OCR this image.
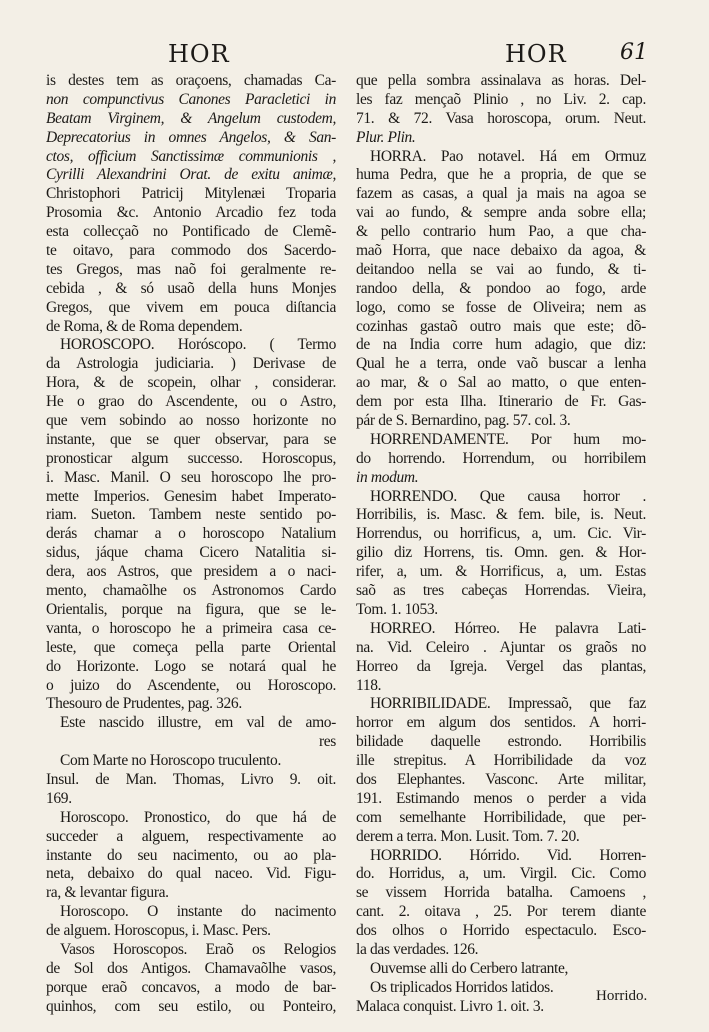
HOR	HOR 61
is destes tem as oraçoens, chamadas Ca-
non compunctivus Canones Paracletici in
Beatam Virginem, & Angelum custodem,
Deprecatorius in omnes Angelos, & San-
ctos, officium Sanctissimæ communionis ,
Cyrilli Alexandrini Orat. de exitu animæ,
Christophori Patricij Mitylenæi Troparia
Prosomia &c. Antonio Arcadio fez toda
esta collecçaõ no Pontificado de Clemẽ-
te oitavo, para commodo dos Sacerdo-
tes Gregos, mas naõ foi geralmente re-
cebida , & só usaõ della huns Monjes
Gregos, que vivem em pouca diſtancia
de Roma, & de Roma dependem.
HOROSCOPO. Horóscopo. ( Termo
da Astrologia judiciaria. ) Derivase de
Hora, & de scopein, olhar , considerar.
He o grao do Ascendente, ou o Astro,
que vem sobindo ao nosso horizonte no
instante, que se quer observar, para se
pronosticar algum successo. Horoscopus,
i. Masc. Manil. O seu horoscopo lhe pro-
mette Imperios. Genesim habet Imperato-
riam. Sueton. Tambem neste sentido po-
derás chamar a o horoscopo Natalium
sidus, jáque chama Cicero Natalitia si-
dera, aos Astros, que presidem a o naci-
mento, chamaõlhe os Astronomos Cardo
Orientalis, porque na figura, que se le-
vanta, o horoscopo he a primeira casa ce-
leste, que começa pella parte Oriental
do Horizonte. Logo se notará qual he
o juizo do Ascendente, ou Horoscopo.
Thesouro de Prudentes, pag. 326.
Este nascido illustre, em val de amo-
res
Com Marte no Horoscopo truculento.
Insul. de Man. Thomas, Livro 9. oit.
169.
Horoscopo. Pronostico, do que há de
succeder a alguem, respectivamente ao
instante do seu nacimento, ou ao pla-
neta, debaixo do qual naceo. Vid. Figu-
ra, & levantar figura.
Horoscopo. O instante do nacimento
de alguem. Horoscopus, i. Masc. Pers.
Vasos Horoscopos. Eraõ os Relogios
de Sol dos Antigos. Chamavaõlhe vasos,
porque eraõ concavos, a modo de bar-
quinhos, com seu estilo, ou Ponteiro,
que pella sombra assinalava as horas. Del-
les faz mençaõ Plinio , no Liv. 2. cap.
71. & 72. Vasa horoscopa, orum. Neut.
Plur. Plin.
HORRA. Pao notavel. Há em Ormuz
huma Pedra, que he a propria, de que se
fazem as casas, a qual ja mais na agoa se
vai ao fundo, & sempre anda sobre ella;
& pello contrario hum Pao, a que cha-
maõ Horra, que nace debaixo da agoa, &
deitandoo nella se vai ao fundo, & ti-
randoo della, & pondoo ao fogo, arde
logo, como se fosse de Oliveira; nem as
cozinhas gastaõ outro mais que este; dõ-
de na India corre hum adagio, que diz:
Qual he a terra, onde vaõ buscar a lenha
ao mar, & o Sal ao matto, o que enten-
dem por esta Ilha. Itinerario de Fr. Gas-
pár de S. Bernardino, pag. 57. col. 3.
HORRENDAMENTE. Por hum mo-
do horrendo. Horrendum, ou horribilem
in modum.
HORRENDO. Que causa horror .
Horribilis, is. Masc. & fem. bile, is. Neut.
Horrendus, ou horrificus, a, um. Cic. Vir-
gilio diz Horrens, tis. Omn. gen. & Hor-
rifer, a, um. & Horrificus, a, um. Estas
saõ as tres cabeças Horrendas. Vieira,
Tom. 1. 1053.
HORREO. Hórreo. He palavra Lati-
na. Vid. Celeiro . Ajuntar os graõs no
Horreo da Igreja. Vergel das plantas,
118.
HORRIBILIDADE. Impressaõ, que faz
horror em algum dos sentidos. A horri-
bilidade daquelle estrondo. Horribilis
ille strepitus. A Horribilidade da voz
dos Elephantes. Vasconc. Arte militar,
191. Estimando menos o perder a vida
com semelhante Horribilidade, que per-
derem a terra. Mon. Lusit. Tom. 7. 20.
HORRIDO. Hórrido. Vid. Horren-
do. Horridus, a, um. Virgil. Cic. Como
se vissem Horrida batalha. Camoens ,
cant. 2. oitava , 25. Por terem diante
dos olhos o Horrido espectaculo. Esco-
la das verdades. 126.
Ouvemse alli do Cerbero latrante,
Os triplicados Horridos latidos.
Malaca conquist. Livro 1. oit. 3.
Horrido.
